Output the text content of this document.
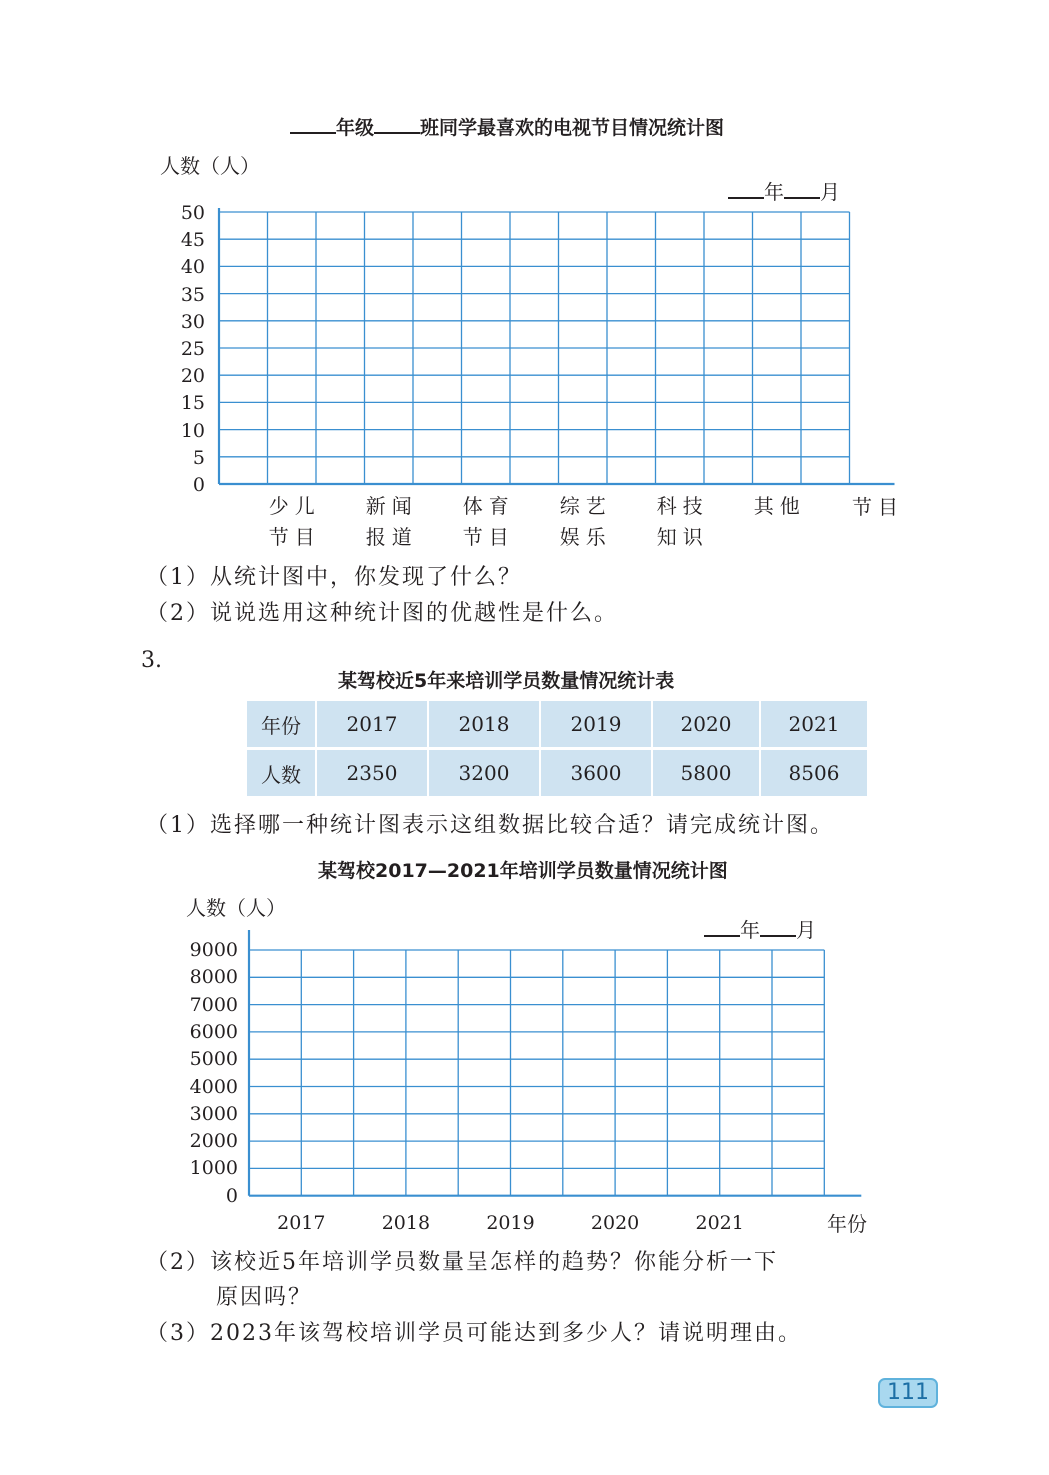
年级 班同学最喜欢的电视节目情况统计图
人数（人）
年 月
50
45
40
35
30
25
20
15
10
5
0
少儿
节目
新闻
报道
体育
节目
综艺
娱乐
科技
知识
其他	节目
（1）从统计图中，你发现了什么？
（2）说说选用这种统计图的优越性是什么。
3.
某驾校近5年来培训学员数量情况统计表
年份	2017	2018	2019	2020	2021
人数	2350	3200	3600	5800	8506
（1）选择哪一种统计图表示这组数据比较合适？请完成统计图。
某驾校2017—2021年培训学员数量情况统计图
人数（人）
年 月
9000
8000
7000
6000
5000
4000
3000
2000
1000
0
2017	2018	2019	2020	2021	年份
（2）该校近5年培训学员数量呈怎样的趋势？你能分析一下
原因吗？
（3）2023年该驾校培训学员可能达到多少人？请说明理由。
111
